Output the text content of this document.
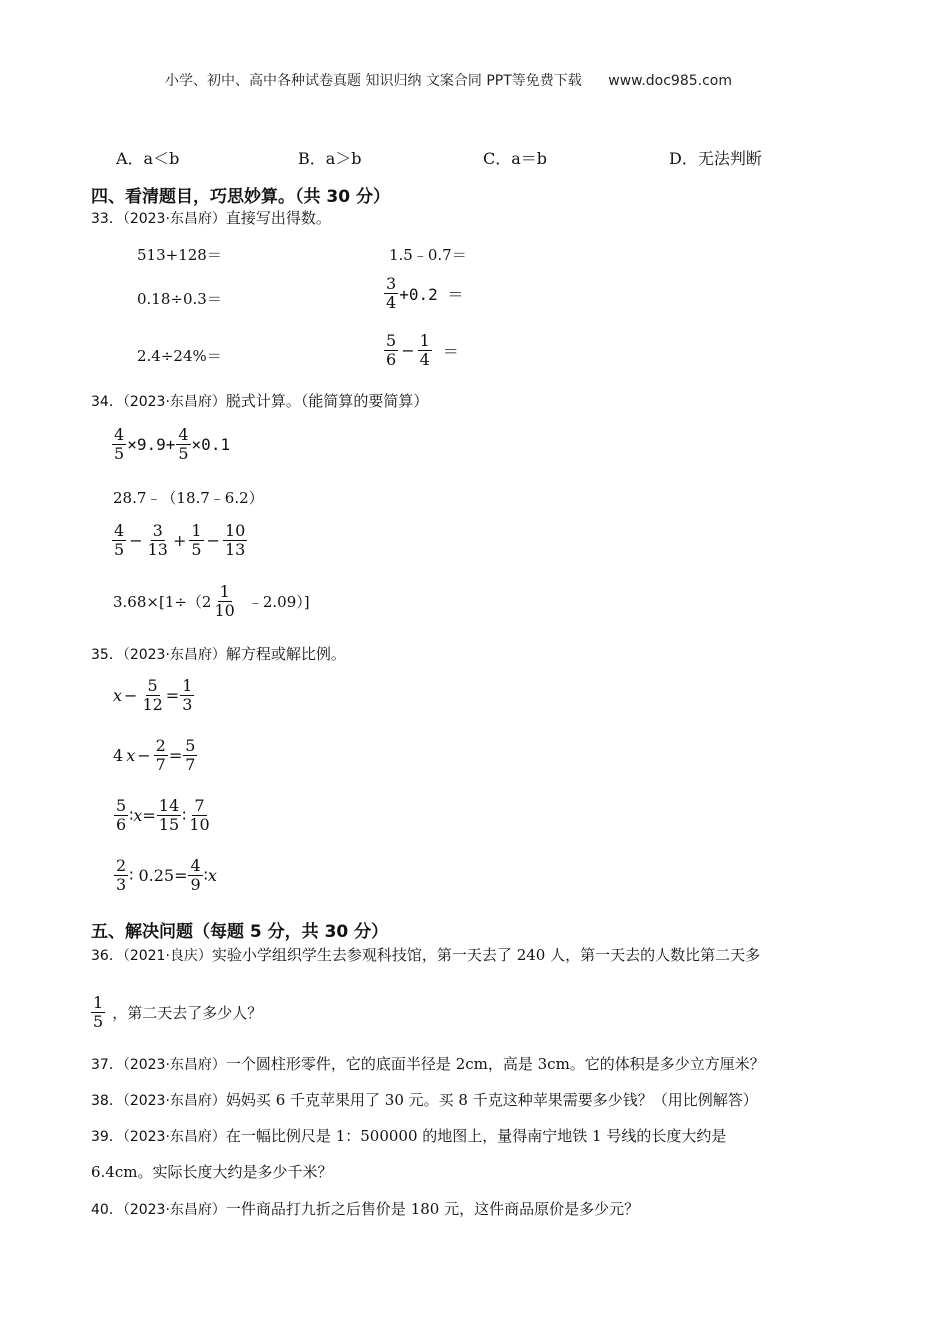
小学、初中、高中各种试卷真题 知识归纳 文案合同 PPT等免费下载 www.doc985.com
A．a＜b	B．a＞b	C．a＝b	D．无法判断
四、看清题目，巧思妙算。（共 30 分）
33．（2023·东昌府）直接写出得数。
513+128＝	1.5﹣0.7＝
0.18÷0.3＝	$\frac{3}{4} +0.2$ ＝
2.4÷24%＝	$\frac{5}{6} - \frac{1}{4}$ ＝
34．（2023·东昌府）脱式计算。（能简算的要简算）
$\frac{4}{5} \times 9.9+ \frac{4}{5} \times 0.1$
28.7﹣（18.7﹣6.2）
$\frac{4}{5} - \frac{3}{13} + \frac{1}{5} - \frac{10}{13}$
$3.68\times[1\div(2 \frac{1}{10}$ ﹣2.09）]
35．（2023·东昌府）解方程或解比例。
$x - \frac{5}{12} = \frac{1}{3}$
4 $x - \frac{2}{7} = \frac{5}{7}$
$\frac{5}{6}$ ∶ $x = \frac{14}{15}$ ∶ $\frac{7}{10}$
$\frac{2}{3}$ ∶ $0.25= \frac{4}{9}$ ∶ x
五、解决问题（每题 5 分，共 30 分）
36．（2021·良庆）实验小学组织学生去参观科技馆，第一天去了 240 人，第一天去的人数比第二天多
$\frac{1}{5}$ ，第二天去了多少人？
37．（2023·东昌府）一个圆柱形零件，它的底面半径是 2cm，高是 3cm。它的体积是多少立方厘米？
38．（2023·东昌府）妈妈买 6 千克苹果用了 30 元。买 8 千克这种苹果需要多少钱？（用比例解答）
39．（2023·东昌府）在一幅比例尺是 1：500000 的地图上，量得南宁地铁 1 号线的长度大约是
6.4cm。实际长度大约是多少千米？
40．（2023·东昌府）一件商品打九折之后售价是 180 元，这件商品原价是多少元？
